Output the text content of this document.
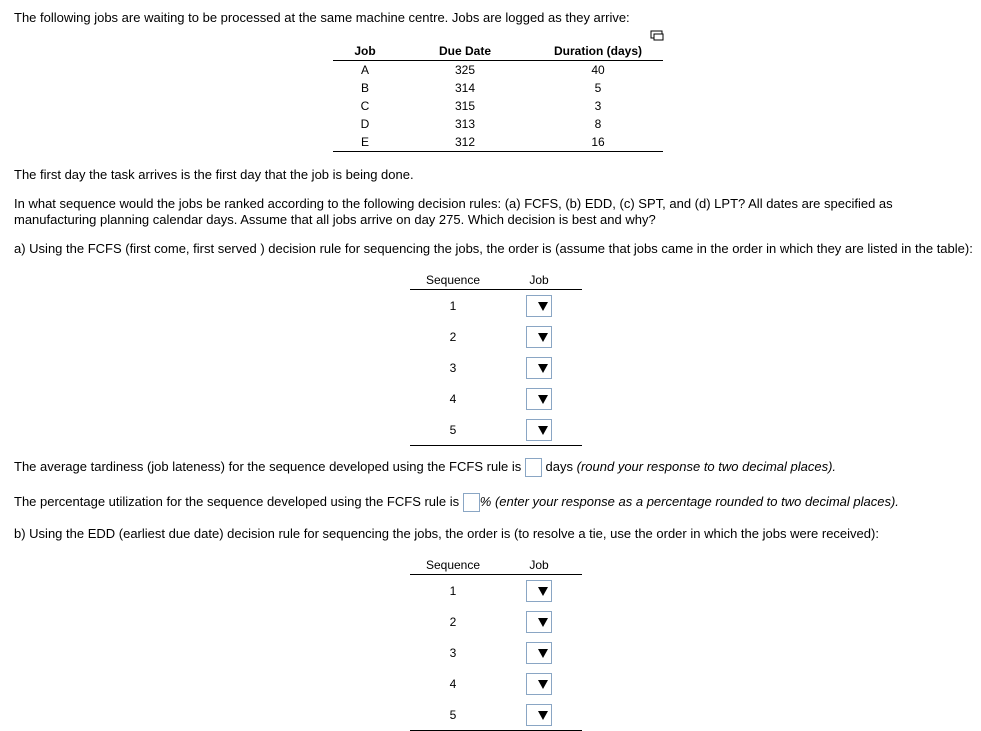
The following jobs are waiting to be processed at the same machine centre. Jobs are logged as they arrive:
Job	Due Date	Duration (days)
A	325	40
B	314	5
C	315	3
D	313	8
E	312	16
The first day the task arrives is the first day that the job is being done.
In what sequence would the jobs be ranked according to the following decision rules: (a) FCFS, (b) EDD, (c) SPT, and (d) LPT? All dates are specified as
manufacturing planning calendar days. Assume that all jobs arrive on day 275. Which decision is best and why?
a) Using the FCFS (first come, first served ) decision rule for sequencing the jobs, the order is (assume that jobs came in the order in which they are listed in the table):
Sequence	Job
1	

2	

3	

4	

5	
The average tardiness (job lateness) for the sequence developed using the FCFS rule is days (round your response to two decimal places).
The percentage utilization for the sequence developed using the FCFS rule is % (enter your response as a percentage rounded to two decimal places).
b) Using the EDD (earliest due date) decision rule for sequencing the jobs, the order is (to resolve a tie, use the order in which the jobs were received):
Sequence	Job
1	

2	

3	

4	

5	
